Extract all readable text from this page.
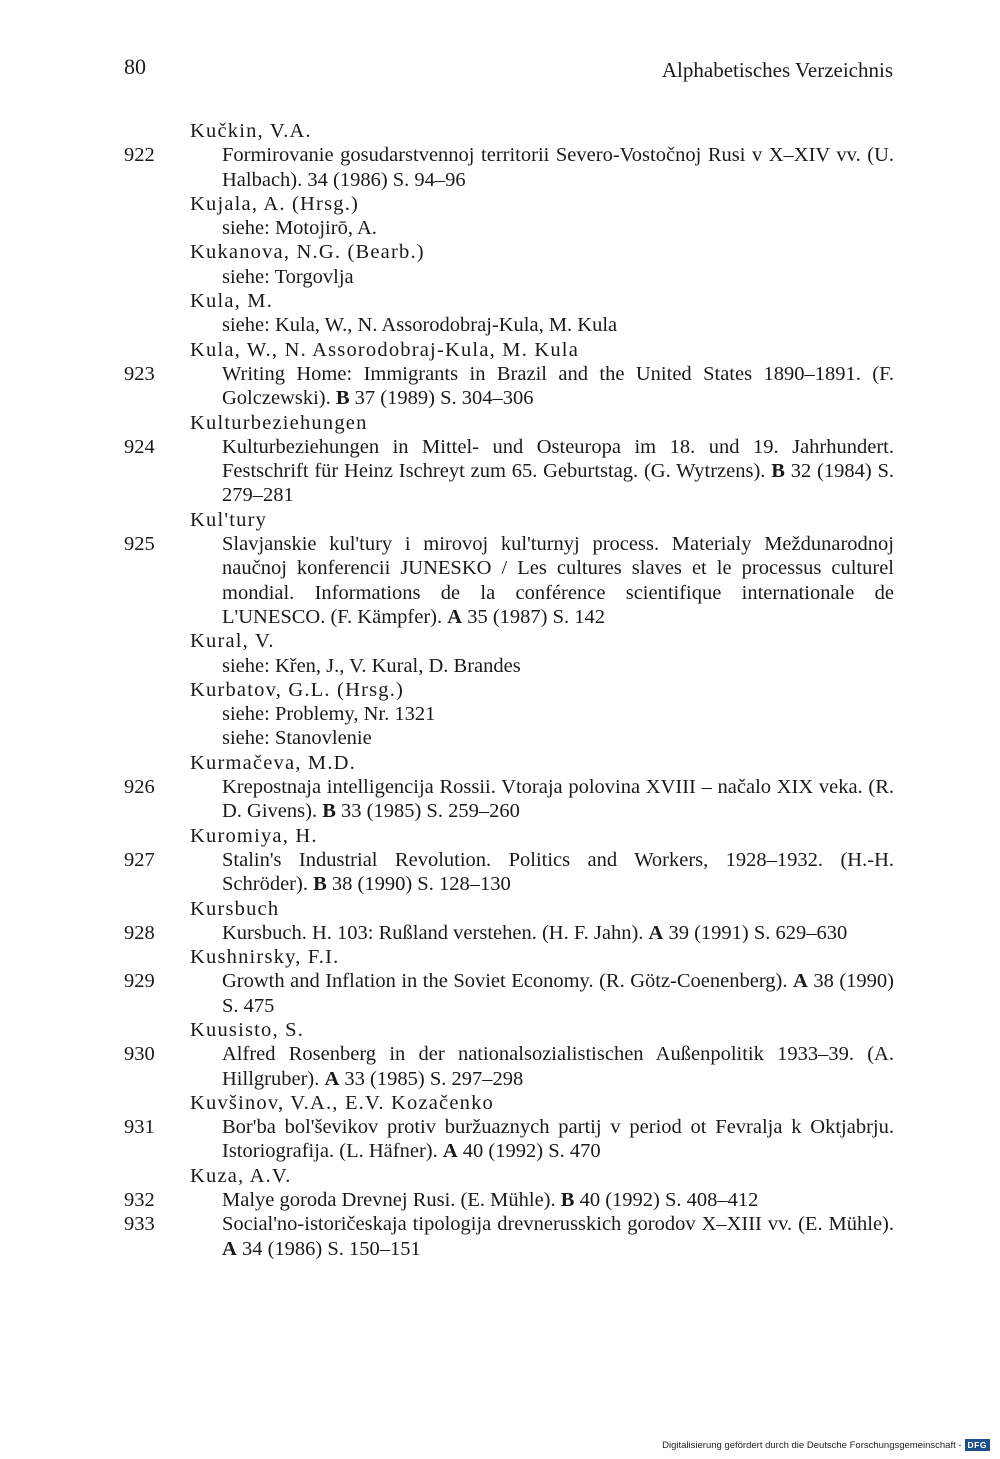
80	Alphabetisches Verzeichnis

Kučkin, V.A.

922	Formirovanie gosudarstvennoj territorii Severo-Vostočnoj Rusi v X–XIV vv. (U. Halbach). 34 (1986) S. 94–96

Kujala, A. (Hrsg.)

siehe: Motojirō, A.

Kukanova, N.G. (Bearb.)

siehe: Torgovlja

Kula, M.

siehe: Kula, W., N. Assorodobraj-Kula, M. Kula

Kula, W., N. Assorodobraj-Kula, M. Kula

923	Writing Home: Immigrants in Brazil and the United States 1890–1891. (F. Golczewski). B 37 (1989) S. 304–306

Kulturbeziehungen

924	Kulturbeziehungen in Mittel- und Osteuropa im 18. und 19. Jahrhundert. Festschrift für Heinz Ischreyt zum 65. Geburtstag. (G. Wytrzens). B 32 (1984) S. 279–281

Kul'tury

925	Slavjanskie kul'tury i mirovoj kul'turnyj process. Materialy Meždunarodnoj naučnoj konferencii JUNESKO / Les cultures slaves et le processus culturel mondial. Informations de la conférence scientifique internationale de L'UNESCO. (F. Kämpfer). A 35 (1987) S. 142

Kural, V.

siehe: Křen, J., V. Kural, D. Brandes

Kurbatov, G.L. (Hrsg.)

siehe: Problemy, Nr. 1321

siehe: Stanovlenie

Kurmačeva, M.D.

926	Krepostnaja intelligencija Rossii. Vtoraja polovina XVIII – načalo XIX veka. (R. D. Givens). B 33 (1985) S. 259–260

Kuromiya, H.

927	Stalin's Industrial Revolution. Politics and Workers, 1928–1932. (H.-H. Schröder). B 38 (1990) S. 128–130

Kursbuch

928	Kursbuch. H. 103: Rußland verstehen. (H. F. Jahn). A 39 (1991) S. 629–630

Kushnirsky, F.I.

929	Growth and Inflation in the Soviet Economy. (R. Götz-Coenenberg). A 38 (1990) S. 475

Kuusisto, S.

930	Alfred Rosenberg in der nationalsozialistischen Außenpolitik 1933–39. (A. Hillgruber). A 33 (1985) S. 297–298

Kuvšinov, V.A., E.V. Kozačenko

931	Bor'ba bol'ševikov protiv buržuaznych partij v period ot Fevralja k Oktjabrju. Istoriografija. (L. Häfner). A 40 (1992) S. 470

Kuza, A.V.

932	Malye goroda Drevnej Rusi. (E. Mühle). B 40 (1992) S. 408–412
933	Social'no-istoričeskaja tipologija drevnerusskich gorodov X–XIII vv. (E. Mühle). A 34 (1986) S. 150–151
Digitalisierung gefördert durch die Deutsche Forschungsgemeinschaft - DFG
